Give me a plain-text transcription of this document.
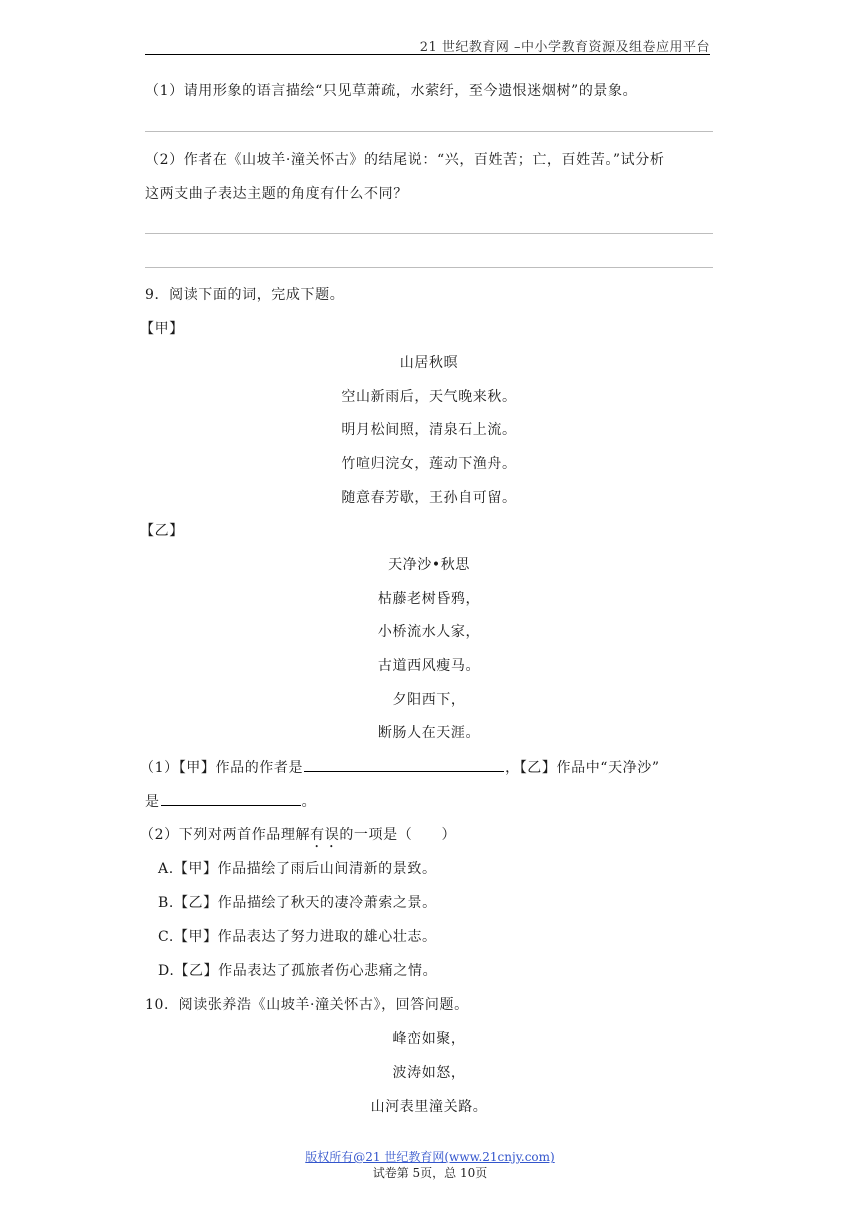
21 世纪教育网 –中小学教育资源及组卷应用平台
（1）请用形象的语言描绘“只见草萧疏，水萦纡，至今遗恨迷烟树”的景象。
（2）作者在《山坡羊·潼关怀古》的结尾说：“兴，百姓苦；亡，百姓苦。”试分析
这两支曲子表达主题的角度有什么不同？
9．阅读下面的词，完成下题。
【甲】
山居秋暝
空山新雨后，天气晚来秋。
明月松间照，清泉石上流。
竹喧归浣女，莲动下渔舟。
随意春芳歇，王孙自可留。
【乙】
天净沙•秋思
枯藤老树昏鸦，
小桥流水人家，
古道西风瘦马。
夕阳西下，
断肠人在天涯。
（1）【甲】作品的作者是	，【乙】作品中“天净沙”
是	。
（2）下列对两首作品理解有误的一项是（　　）
A.【甲】作品描绘了雨后山间清新的景致。
B.【乙】作品描绘了秋天的凄冷萧索之景。
C.【甲】作品表达了努力进取的雄心壮志。
D.【乙】作品表达了孤旅者伤心悲痛之情。
10．阅读张养浩《山坡羊·潼关怀古》，回答问题。
峰峦如聚，
波涛如怒，
山河表里潼关路。
版权所有@21 世纪教育网(www.21cnjy.com)
试卷第 5页，总 10页
